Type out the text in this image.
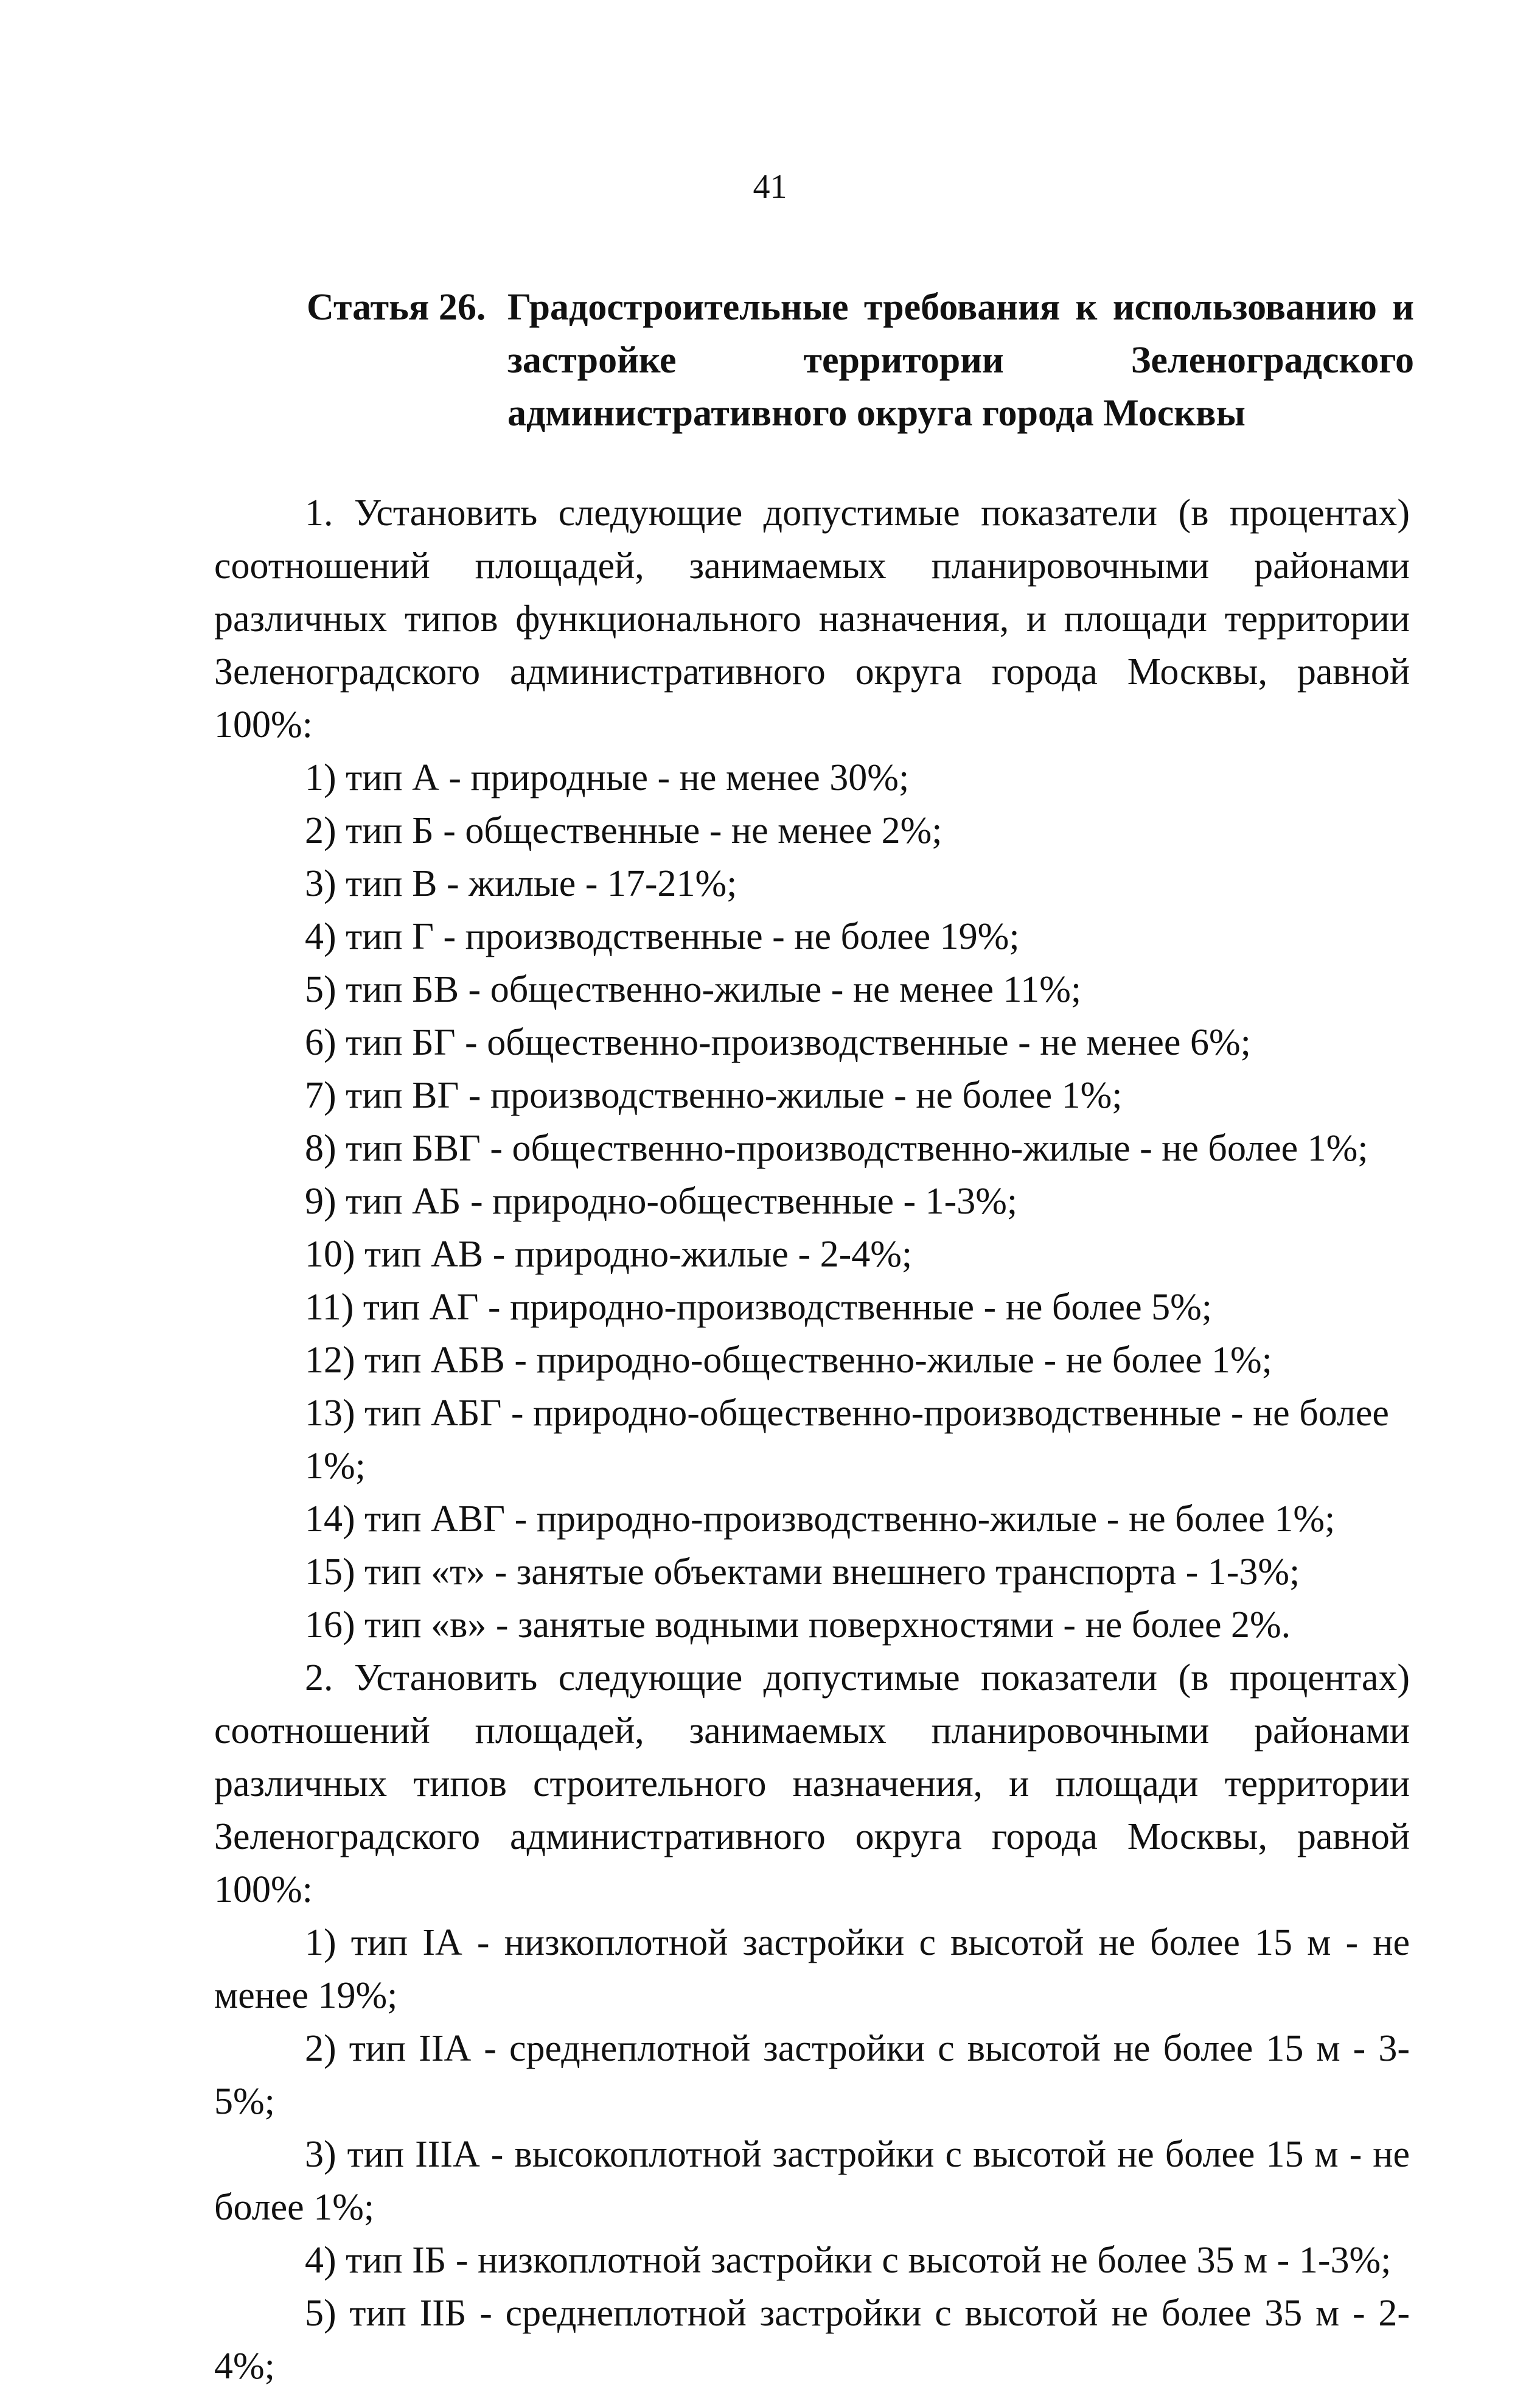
41
Статья 26. Градостроительные требования к использованию и застройке территории Зеленоградского административного округа города Москвы

1. Установить следующие допустимые показатели (в процентах) соотношений площадей, занимаемых планировочными районами различных типов функционального назначения, и площади территории Зеленоградского административного округа города Москвы, равной 100%:

1) тип А - природные - не менее 30%;
2) тип Б - общественные - не менее 2%;
3) тип В - жилые - 17-21%;
4) тип Г - производственные - не более 19%;
5) тип БВ - общественно-жилые - не менее 11%;
6) тип БГ - общественно-производственные - не менее 6%;
7) тип ВГ - производственно-жилые - не более 1%;
8) тип БВГ - общественно-производственно-жилые - не более 1%;
9) тип АБ - природно-общественные - 1-3%;
10) тип АВ - природно-жилые - 2-4%;
11) тип АГ - природно-производственные - не более 5%;
12) тип АБВ - природно-общественно-жилые - не более 1%;
13) тип АБГ - природно-общественно-производственные - не более 1%;
14) тип АВГ - природно-производственно-жилые - не более 1%;
15) тип «т» - занятые объектами внешнего транспорта - 1-3%;
16) тип «в» - занятые водными поверхностями - не более 2%.

2. Установить следующие допустимые показатели (в процентах) соотношений площадей, занимаемых планировочными районами различных типов строительного назначения, и площади территории Зеленоградского административного округа города Москвы, равной 100%:

1) тип IА - низкоплотной застройки с высотой не более 15 м - не менее 19%;
2) тип IIА - среднеплотной застройки с высотой не более 15 м - 3-5%;
3) тип IIIА - высокоплотной застройки с высотой не более 15 м - не более 1%;
4) тип IБ - низкоплотной застройки с высотой не более 35 м - 1-3%;
5) тип IIБ - среднеплотной застройки с высотой не более 35 м - 2-4%;
